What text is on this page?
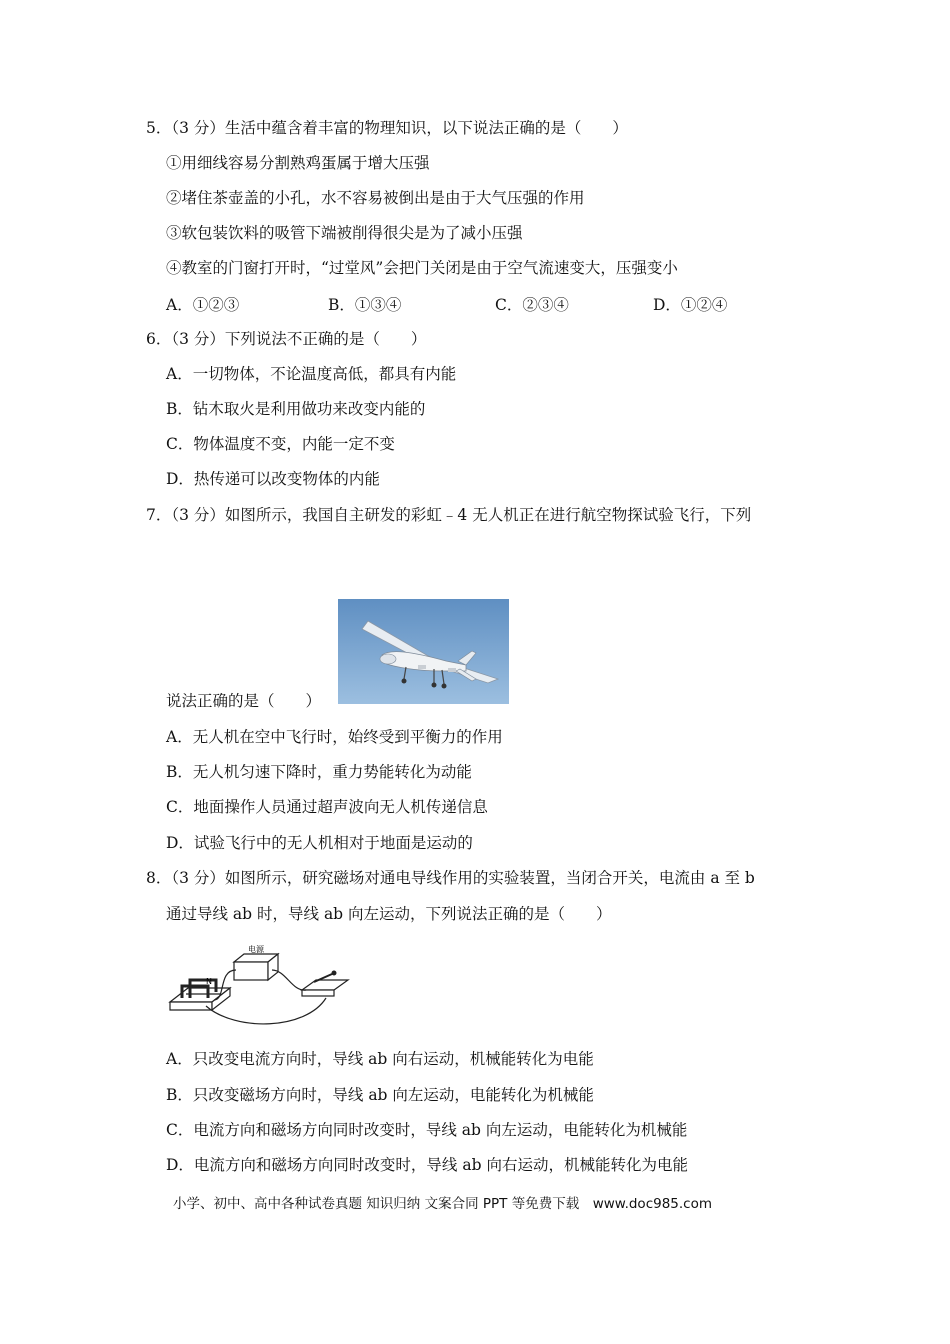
5．（3 分）生活中蕴含着丰富的物理知识，以下说法正确的是（　　）
①用细线容易分割熟鸡蛋属于增大压强
②堵住茶壶盖的小孔，水不容易被倒出是由于大气压强的作用
③软包装饮料的吸管下端被削得很尖是为了减小压强
④教室的门窗打开时，“过堂风”会把门关闭是由于空气流速变大，压强变小
A．①②③	B．①③④	C．②③④	D．①②④
6．（3 分）下列说法不正确的是（　　）
A．一切物体，不论温度高低，都具有内能
B．钻木取火是利用做功来改变内能的
C．物体温度不变，内能一定不变
D．热传递可以改变物体的内能
7．（3 分）如图所示，我国自主研发的彩虹﹣4 无人机正在进行航空物探试验飞行，下列
说法正确的是（　　）
A．无人机在空中飞行时，始终受到平衡力的作用
B．无人机匀速下降时，重力势能转化为动能
C．地面操作人员通过超声波向无人机传递信息
D．试验飞行中的无人机相对于地面是运动的
8．（3 分）如图所示，研究磁场对通电导线作用的实验装置，当闭合开关，电流由 a 至 b
通过导线 ab 时，导线 ab 向左运动，下列说法正确的是（　　）
电源
N
A．只改变电流方向时，导线 ab 向右运动，机械能转化为电能
B．只改变磁场方向时，导线 ab 向左运动，电能转化为机械能
C．电流方向和磁场方向同时改变时，导线 ab 向左运动，电能转化为机械能
D．电流方向和磁场方向同时改变时，导线 ab 向右运动，机械能转化为电能
小学、初中、高中各种试卷真题 知识归纳 文案合同 PPT 等免费下载　www.doc985.com
